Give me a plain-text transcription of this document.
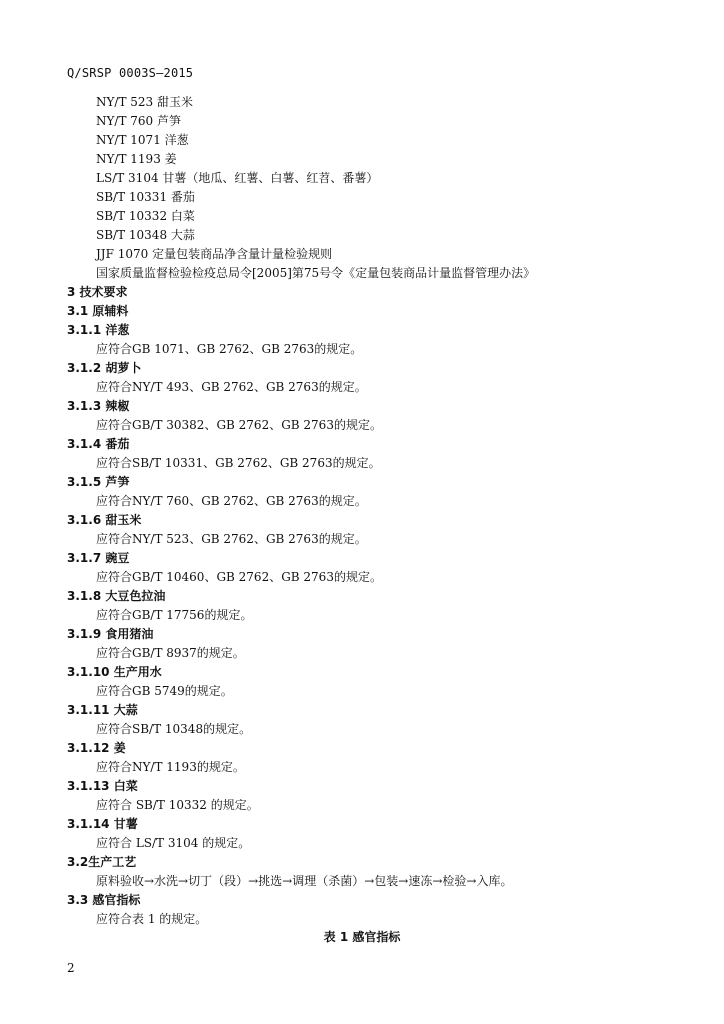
Q/SRSP 0003S—2015
NY/T 523 甜玉米
NY/T 760 芦笋
NY/T 1071 洋葱
NY/T 1193 姜
LS/T 3104 甘薯（地瓜、红薯、白薯、红苕、番薯）
SB/T 10331 番茄
SB/T 10332 白菜
SB/T 10348 大蒜
JJF 1070 定量包装商品净含量计量检验规则
国家质量监督检验检疫总局令[2005]第75号令《定量包装商品计量监督管理办法》
3 技术要求
3.1 原辅料
3.1.1 洋葱
应符合GB 1071、GB 2762、GB 2763的规定。
3.1.2 胡萝卜
应符合NY/T 493、GB 2762、GB 2763的规定。
3.1.3 辣椒
应符合GB/T 30382、GB 2762、GB 2763的规定。
3.1.4 番茄
应符合SB/T 10331、GB 2762、GB 2763的规定。
3.1.5 芦笋
应符合NY/T 760、GB 2762、GB 2763的规定。
3.1.6 甜玉米
应符合NY/T 523、GB 2762、GB 2763的规定。
3.1.7 豌豆
应符合GB/T 10460、GB 2762、GB 2763的规定。
3.1.8 大豆色拉油
应符合GB/T 17756的规定。
3.1.9 食用猪油
应符合GB/T 8937的规定。
3.1.10 生产用水
应符合GB 5749的规定。
3.1.11 大蒜
应符合SB/T 10348的规定。
3.1.12 姜
应符合NY/T 1193的规定。
3.1.13 白菜
应符合 SB/T 10332 的规定。
3.1.14 甘薯
应符合 LS/T 3104 的规定。
3.2生产工艺
原料验收→水洗→切丁（段）→挑选→调理（杀菌）→包装→速冻→检验→入库。
3.3 感官指标
应符合表 1 的规定。
表 1 感官指标
2
